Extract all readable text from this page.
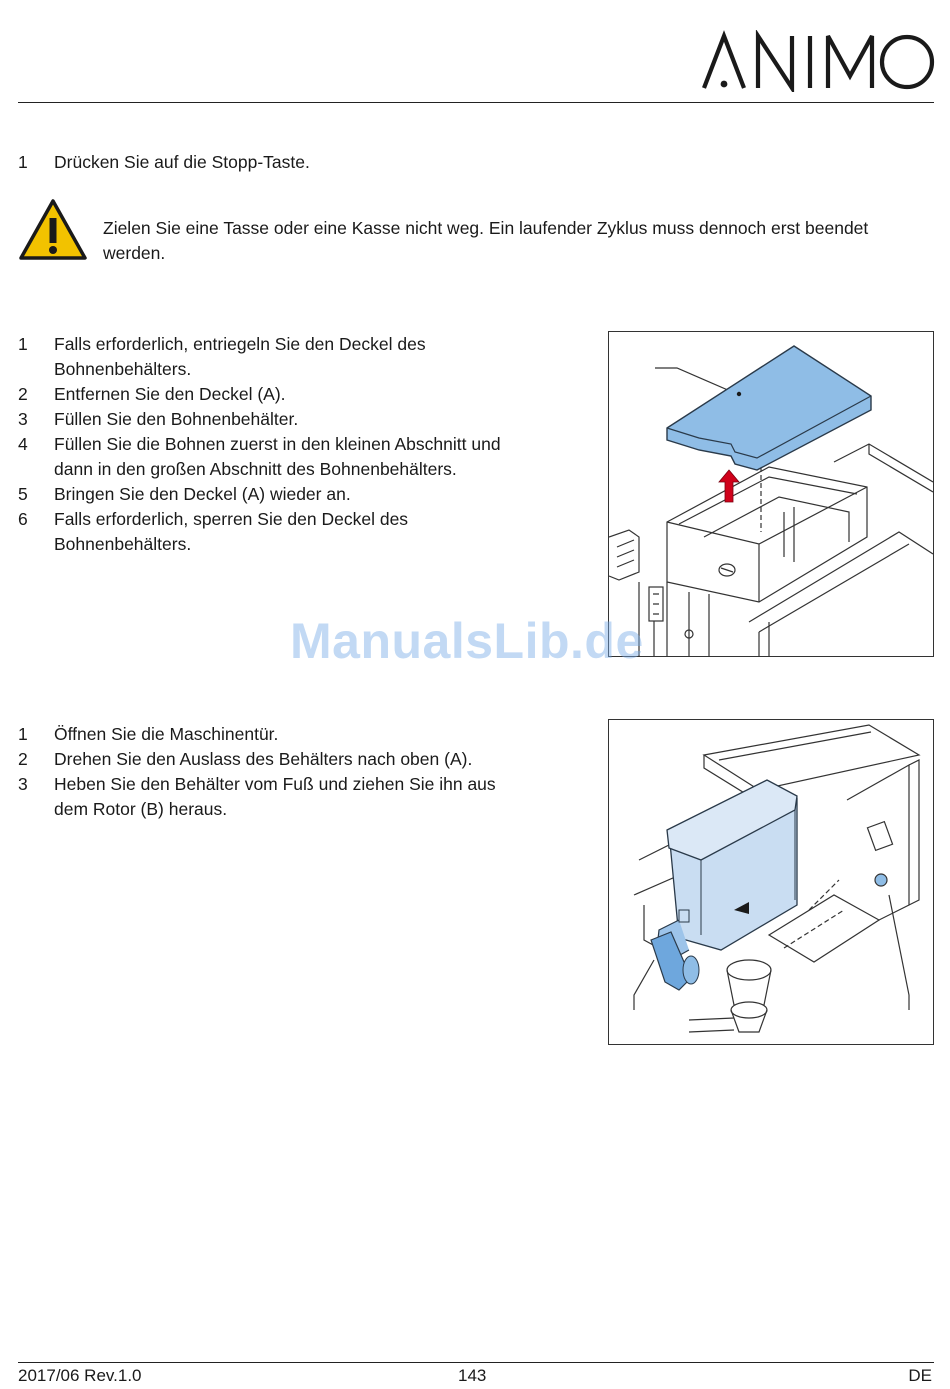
1	Drücken Sie auf die Stopp-Taste.
Zielen Sie eine Tasse oder eine Kasse nicht weg. Ein laufender Zyklus muss dennoch erst beendet werden.
1	Falls erforderlich, entriegeln Sie den Deckel des
Bohnenbehälters.
2	Entfernen Sie den Deckel (A).
3	Füllen Sie den Bohnenbehälter.
4	Füllen Sie die Bohnen zuerst in den kleinen Abschnitt und
dann in den großen Abschnitt des Bohnenbehälters.
5	Bringen Sie den Deckel (A) wieder an.
6	Falls erforderlich, sperren Sie den Deckel des
Bohnenbehälters.
ManualsLib.de
1	Öffnen Sie die Maschinentür.
2	Drehen Sie den Auslass des Behälters nach oben (A).
3	Heben Sie den Behälter vom Fuß und ziehen Sie ihn aus
dem Rotor (B) heraus.
2017/06 Rev.1.0	143	DE
